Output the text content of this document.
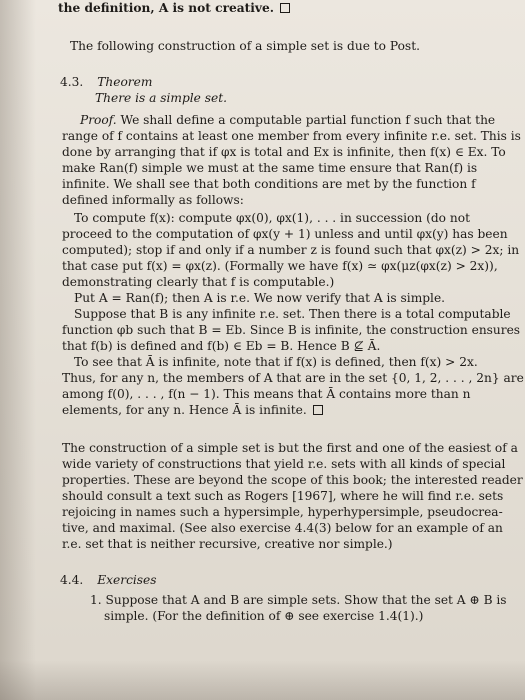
the definition, A is not creative.
The following construction of a simple set is due to Post.
4.3. Theorem
There is a simple set.
Proof. We shall define a computable partial function f such that the
range of f contains at least one member from every infinite r.e. set. This is
done by arranging that if φx is total and Ex is infinite, then f(x) ∈ Ex. To
make Ran(f) simple we must at the same time ensure that Ran(f) is
infinite. We shall see that both conditions are met by the function f
defined informally as follows:
To compute f(x): compute φx(0), φx(1), . . . in succession (do not
proceed to the computation of φx(y + 1) unless and until φx(y) has been
computed); stop if and only if a number z is found such that φx(z) > 2x; in
that case put f(x) = φx(z). (Formally we have f(x) ≃ φx(μz(φx(z) > 2x)),
demonstrating clearly that f is computable.)
Put A = Ran(f); then A is r.e. We now verify that A is simple.
Suppose that B is any infinite r.e. set. Then there is a total computable
function φb such that B = Eb. Since B is infinite, the construction ensures
that f(b) is defined and f(b) ∈ Eb = B. Hence B ⊈ Ā.
To see that Ā is infinite, note that if f(x) is defined, then f(x) > 2x.
Thus, for any n, the members of A that are in the set {0, 1, 2, . . . , 2n} are
among f(0), . . . , f(n − 1). This means that Ā contains more than n
elements, for any n. Hence Ā is infinite.
The construction of a simple set is but the first and one of the easiest of a
wide variety of constructions that yield r.e. sets with all kinds of special
properties. These are beyond the scope of this book; the interested reader
should consult a text such as Rogers [1967], where he will find r.e. sets
rejoicing in names such a hypersimple, hyperhypersimple, pseudocrea-
tive, and maximal. (See also exercise 4.4(3) below for an example of an
r.e. set that is neither recursive, creative nor simple.)
4.4. Exercises
1. Suppose that A and B are simple sets. Show that the set A ⊕ B is
simple. (For the definition of ⊕ see exercise 1.4(1).)
